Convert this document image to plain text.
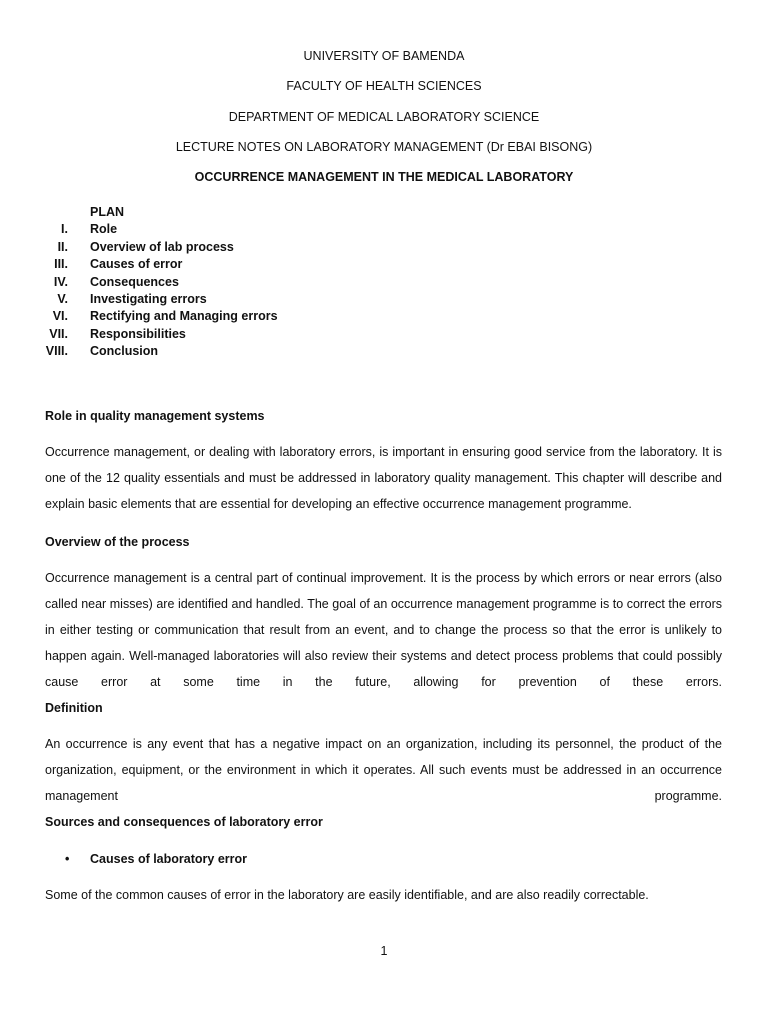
UNIVERSITY OF BAMENDA
FACULTY OF HEALTH SCIENCES
DEPARTMENT OF MEDICAL LABORATORY SCIENCE
LECTURE NOTES ON LABORATORY MANAGEMENT (Dr EBAI BISONG)
OCCURRENCE MANAGEMENT IN THE MEDICAL LABORATORY
PLAN
I.	Role
II.	Overview of lab process
III.	Causes of error
IV.	Consequences
V.	Investigating errors
VI.	Rectifying and Managing errors
VII.	Responsibilities
VIII.	Conclusion
Role in quality management systems

Occurrence management, or dealing with laboratory errors, is important in ensuring good service from the laboratory. It is one of the 12 quality essentials and must be addressed in laboratory quality management. This chapter will describe and explain basic elements that are essential for developing an effective occurrence management programme.

Overview of the process

Occurrence management is a central part of continual improvement. It is the process by which errors or near errors (also called near misses) are identified and handled. The goal of an occurrence management programme is to correct the errors in either testing or communication that result from an event, and to change the process so that the error is unlikely to happen again. Well-managed laboratories will also review their systems and detect process problems that could possibly cause error at some time in the future, allowing for prevention of these errors.

Definition

An occurrence is any event that has a negative impact on an organization, including its personnel, the product of the organization, equipment, or the environment in which it operates. All such events must be addressed in an occurrence management programme.

Sources and consequences of laboratory error
•	Causes of laboratory error

Some of the common causes of error in the laboratory are easily identifiable, and are also readily correctable.

1
